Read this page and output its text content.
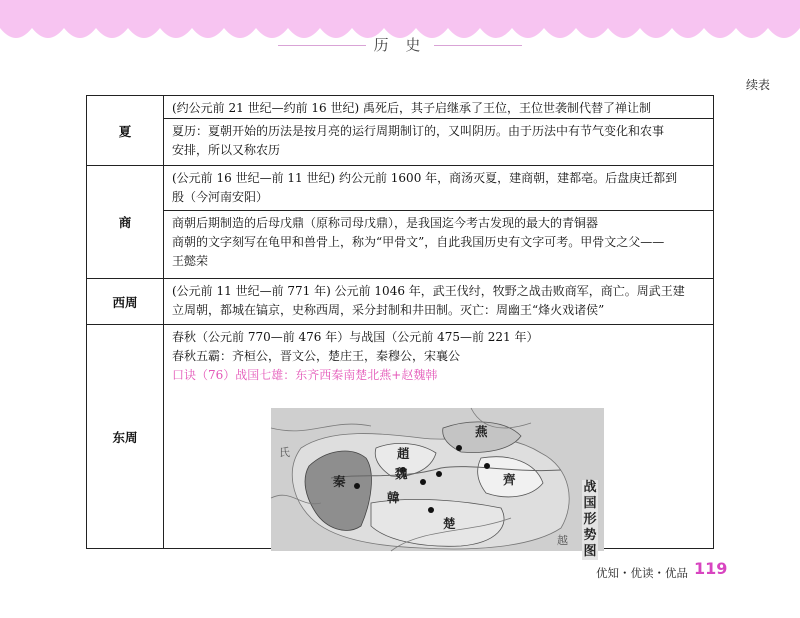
历 史
续表
夏
(约公元前 21 世纪—约前 16 世纪) 禹死后，其子启继承了王位，王位世袭制代替了禅让制
夏历：夏朝开始的历法是按月亮的运行周期制订的，又叫阴历。由于历法中有节气变化和农事
安排，所以又称农历
商
(公元前 16 世纪—前 11 世纪) 约公元前 1600 年，商汤灭夏，建商朝，建都亳。后盘庚迁都到
殷（今河南安阳）
商朝后期制造的后母戊鼎（原称司母戊鼎），是我国迄今考古发现的最大的青铜器
商朝的文字刻写在龟甲和兽骨上，称为“甲骨文”，自此我国历史有文字可考。甲骨文之父——
王懿荣
西周
(公元前 11 世纪—前 771 年) 公元前 1046 年，武王伐纣，牧野之战击败商军，商亡。周武王建
立周朝，都城在镐京，史称西周，采分封制和井田制。灭亡：周幽王“烽火戏诸侯”
东周
春秋（公元前 770—前 476 年）与战国（公元前 475—前 221 年）
春秋五霸：齐桓公，晋文公，楚庄王，秦穆公，宋襄公
口诀（76）战国七雄：东齐西秦南楚北燕+赵魏韩
燕
趙
魏
秦
韓
齊
楚
氏
越
战
国
形
势
图
优知・优读・优品 119
